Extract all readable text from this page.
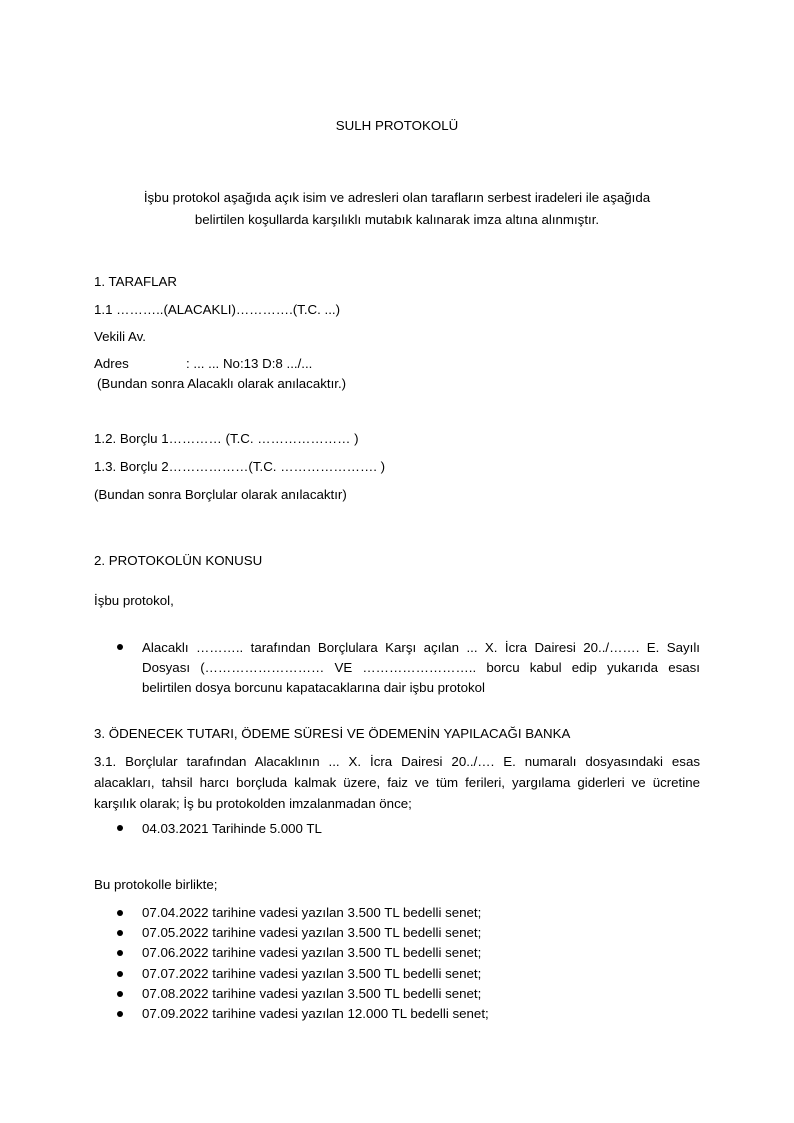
SULH PROTOKOLÜ
İşbu protokol aşağıda açık isim ve adresleri olan tarafların serbest iradeleri ile aşağıda
belirtilen koşullarda karşılıklı mutabık kalınarak imza altına alınmıştır.
1. TARAFLAR
1.1 ………..(ALACAKLI)………….(T.C. ...)
Vekili Av.
Adres	: ... ... No:13 D:8 .../...
(Bundan sonra Alacaklı olarak anılacaktır.)
1.2. Borçlu 1………… (T.C. ………………… )
1.3. Borçlu 2………………(T.C. …………………. )
(Bundan sonra Borçlular olarak anılacaktır)
2. PROTOKOLÜN KONUSU
İşbu protokol,
Alacaklı ……….. tarafından Borçlulara Karşı açılan ... X. İcra Dairesi 20../……. E. Sayılı Dosyası (……………………… VE …………………….. borcu kabul edip yukarıda esası belirtilen dosya borcunu kapatacaklarına dair işbu protokol
3. ÖDENECEK TUTARI, ÖDEME SÜRESİ VE ÖDEMENİN YAPILACAĞI BANKA
3.1. Borçlular tarafından Alacaklının ... X. İcra Dairesi 20../…. E. numaralı dosyasındaki esas alacakları, tahsil harcı borçluda kalmak üzere, faiz ve tüm ferileri, yargılama giderleri ve ücretine karşılık olarak; İş bu protokolden imzalanmadan önce;
04.03.2021 Tarihinde 5.000 TL
Bu protokolle birlikte;
07.04.2022 tarihine vadesi yazılan 3.500 TL bedelli senet;
07.05.2022 tarihine vadesi yazılan 3.500 TL bedelli senet;
07.06.2022 tarihine vadesi yazılan 3.500 TL bedelli senet;
07.07.2022 tarihine vadesi yazılan 3.500 TL bedelli senet;
07.08.2022 tarihine vadesi yazılan 3.500 TL bedelli senet;
07.09.2022 tarihine vadesi yazılan 12.000 TL bedelli senet;
